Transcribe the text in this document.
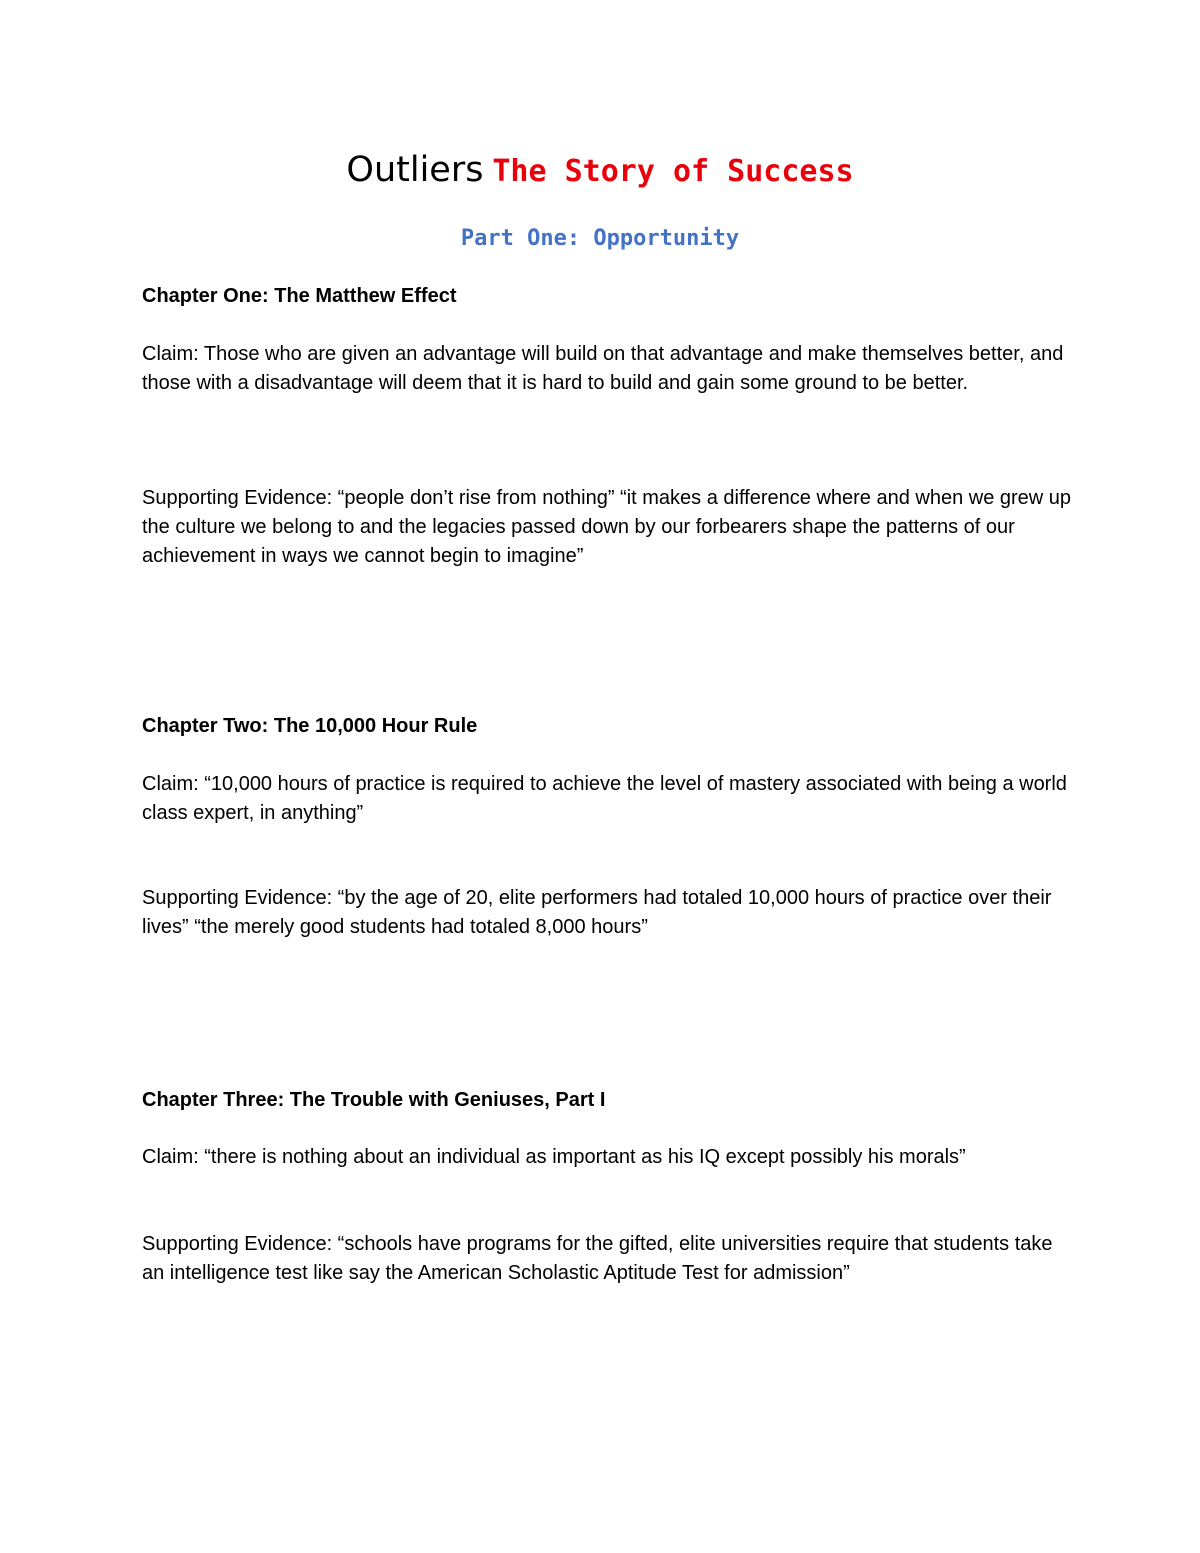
Outliers The Story of Success
Part One: Opportunity
Chapter One: The Matthew Effect

Claim: Those who are given an advantage will build on that advantage and make themselves better, and those with a disadvantage will deem that it is hard to build and gain some ground to be better.

Supporting Evidence: “people don’t rise from nothing” “it makes a difference where and when we grew up the culture we belong to and the legacies passed down by our forbearers shape the patterns of our achievement in ways we cannot begin to imagine”

Chapter Two: The 10,000 Hour Rule

Claim: “10,000 hours of practice is required to achieve the level of mastery associated with being a world class expert, in anything”

Supporting Evidence: “by the age of 20, elite performers had totaled 10,000 hours of practice over their lives” “the merely good students had totaled 8,000 hours”

Chapter Three: The Trouble with Geniuses, Part I

Claim: “there is nothing about an individual as important as his IQ except possibly his morals”

Supporting Evidence: “schools have programs for the gifted, elite universities require that students take an intelligence test like say the American Scholastic Aptitude Test for admission”
